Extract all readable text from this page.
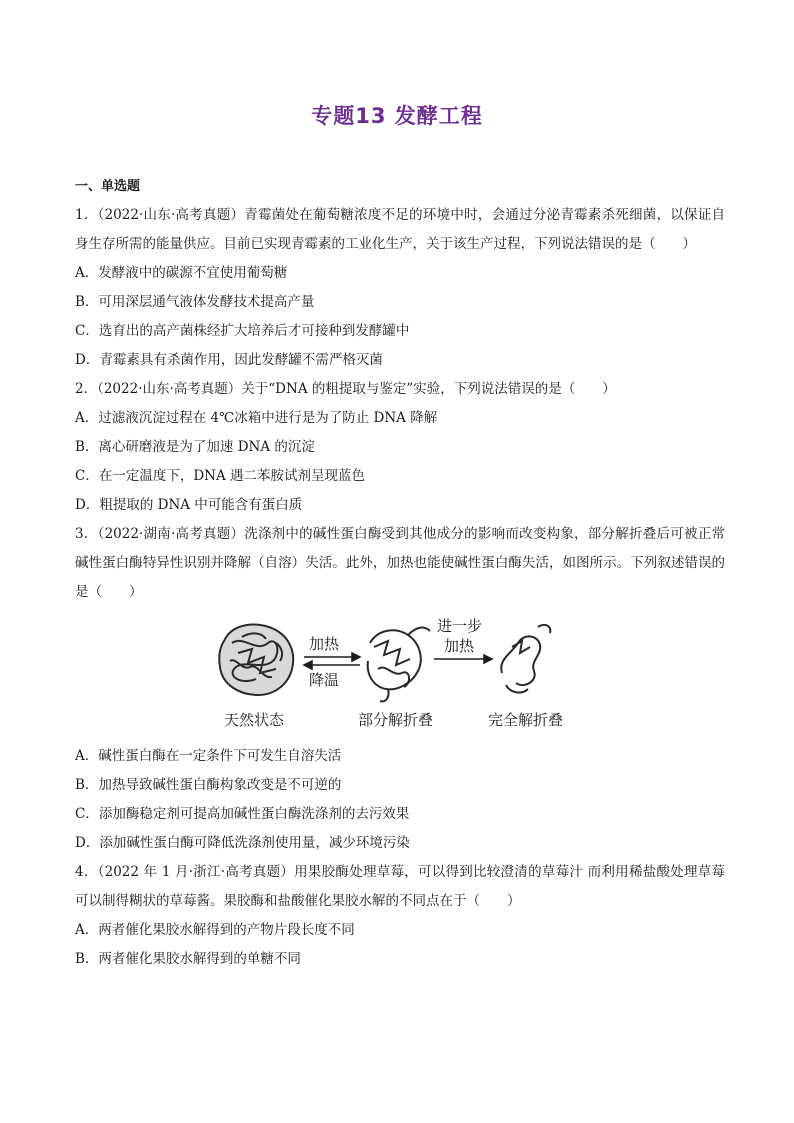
专题13 发酵工程
一、单选题
1．（2022·山东·高考真题）青霉菌处在葡萄糖浓度不足的环境中时，会通过分泌青霉素杀死细菌，以保证自身生存所需的能量供应。目前已实现青霉素的工业化生产，关于该生产过程，下列说法错误的是（　　）
A．发酵液中的碳源不宜使用葡萄糖
B．可用深层通气液体发酵技术提高产量
C．选育出的高产菌株经扩大培养后才可接种到发酵罐中
D．青霉素具有杀菌作用，因此发酵罐不需严格灭菌
2．（2022·山东·高考真题）关于“DNA 的粗提取与鉴定”实验，下列说法错误的是（　　）
A．过滤液沉淀过程在 4℃冰箱中进行是为了防止 DNA 降解
B．离心研磨液是为了加速 DNA 的沉淀
C．在一定温度下，DNA 遇二苯胺试剂呈现蓝色
D．粗提取的 DNA 中可能含有蛋白质
3．（2022·湖南·高考真题）洗涤剂中的碱性蛋白酶受到其他成分的影响而改变构象，部分解折叠后可被正常碱性蛋白酶特异性识别并降解（自溶）失活。此外，加热也能使碱性蛋白酶失活，如图所示。下列叙述错误的是（　　）
天然状态
加热
降温
部分解折叠
进一步
加热
完全解折叠
A．碱性蛋白酶在一定条件下可发生自溶失活
B．加热导致碱性蛋白酶构象改变是不可逆的
C．添加酶稳定剂可提高加碱性蛋白酶洗涤剂的去污效果
D．添加碱性蛋白酶可降低洗涤剂使用量，减少环境污染
4．（2022 年 1 月·浙江·高考真题）用果胶酶处理草莓，可以得到比较澄清的草莓汁 而利用稀盐酸处理草莓可以制得糊状的草莓酱。果胶酶和盐酸催化果胶水解的不同点在于（　　）
A．两者催化果胶水解得到的产物片段长度不同
B．两者催化果胶水解得到的单糖不同
